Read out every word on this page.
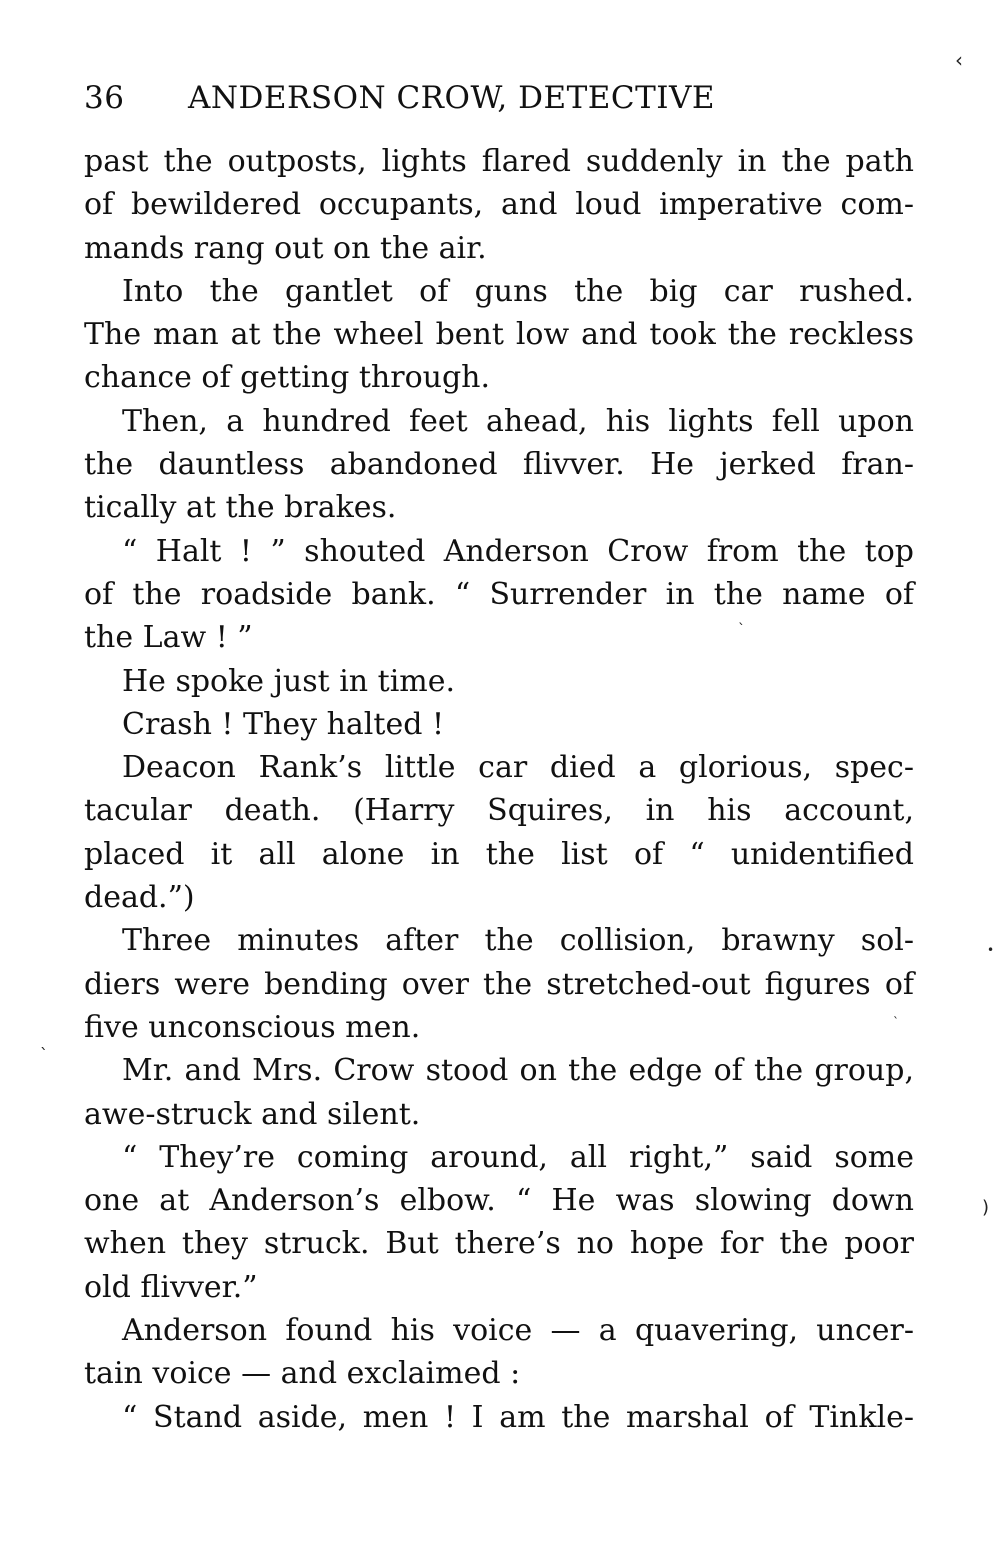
36 ANDERSON CROW, DETECTIVE

past the outposts, lights flared suddenly in the path
of bewildered occupants, and loud imperative com-
mands rang out on the air.

Into the gantlet of guns the big car rushed.
The man at the wheel bent low and took the reckless
chance of getting through.

Then, a hundred feet ahead, his lights fell upon
the dauntless abandoned flivver. He jerked fran-
tically at the brakes.

“ Halt ! ” shouted Anderson Crow from the top
of the roadside bank. “ Surrender in the name of
the Law ! ”

He spoke just in time.

Crash ! They halted !

Deacon Rank’s little car died a glorious, spec-
tacular death. (Harry Squires, in his account,
placed it all alone in the list of “ unidentified
dead.”)

Three minutes after the collision, brawny sol-
diers were bending over the stretched-out figures of
five unconscious men.

Mr. and Mrs. Crow stood on the edge of the group,
awe-struck and silent.

“ They’re coming around, all right,” said some
one at Anderson’s elbow. “ He was slowing down
when they struck. But there’s no hope for the poor
old flivver.”

Anderson found his voice — a quavering, uncer-
tain voice — and exclaimed :

“ Stand aside, men ! I am the marshal of Tinkle-

‹
ˋ
•
ˋ
ˋ
)
